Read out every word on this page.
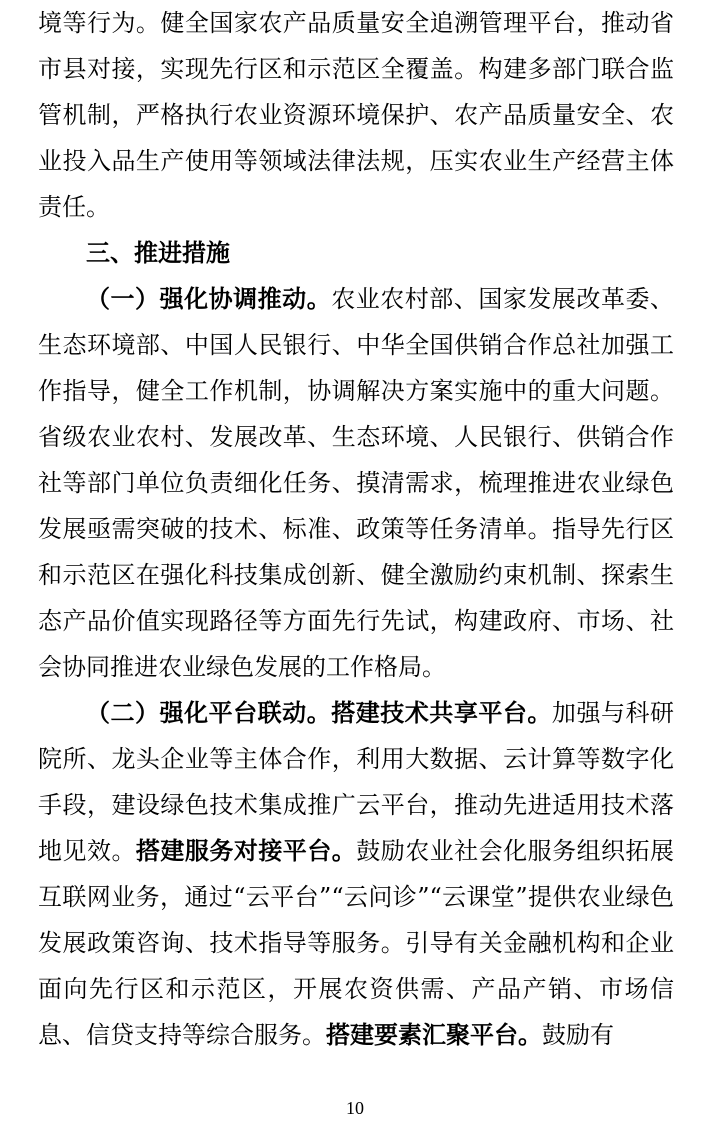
境等行为。健全国家农产品质量安全追溯管理平台，推动省市县对接，实现先行区和示范区全覆盖。构建多部门联合监管机制，严格执行农业资源环境保护、农产品质量安全、农业投入品生产使用等领域法律法规，压实农业生产经营主体责任。

三、推进措施

（一）强化协调推动。农业农村部、国家发展改革委、生态环境部、中国人民银行、中华全国供销合作总社加强工作指导，健全工作机制，协调解决方案实施中的重大问题。省级农业农村、发展改革、生态环境、人民银行、供销合作社等部门单位负责细化任务、摸清需求，梳理推进农业绿色发展亟需突破的技术、标准、政策等任务清单。指导先行区和示范区在强化科技集成创新、健全激励约束机制、探索生态产品价值实现路径等方面先行先试，构建政府、市场、社会协同推进农业绿色发展的工作格局。

（二）强化平台联动。搭建技术共享平台。加强与科研院所、龙头企业等主体合作，利用大数据、云计算等数字化手段，建设绿色技术集成推广云平台，推动先进适用技术落地见效。搭建服务对接平台。鼓励农业社会化服务组织拓展互联网业务，通过“云平台”“云问诊”“云课堂”提供农业绿色发展政策咨询、技术指导等服务。引导有关金融机构和企业面向先行区和示范区，开展农资供需、产品产销、市场信息、信贷支持等综合服务。搭建要素汇聚平台。鼓励有

10
